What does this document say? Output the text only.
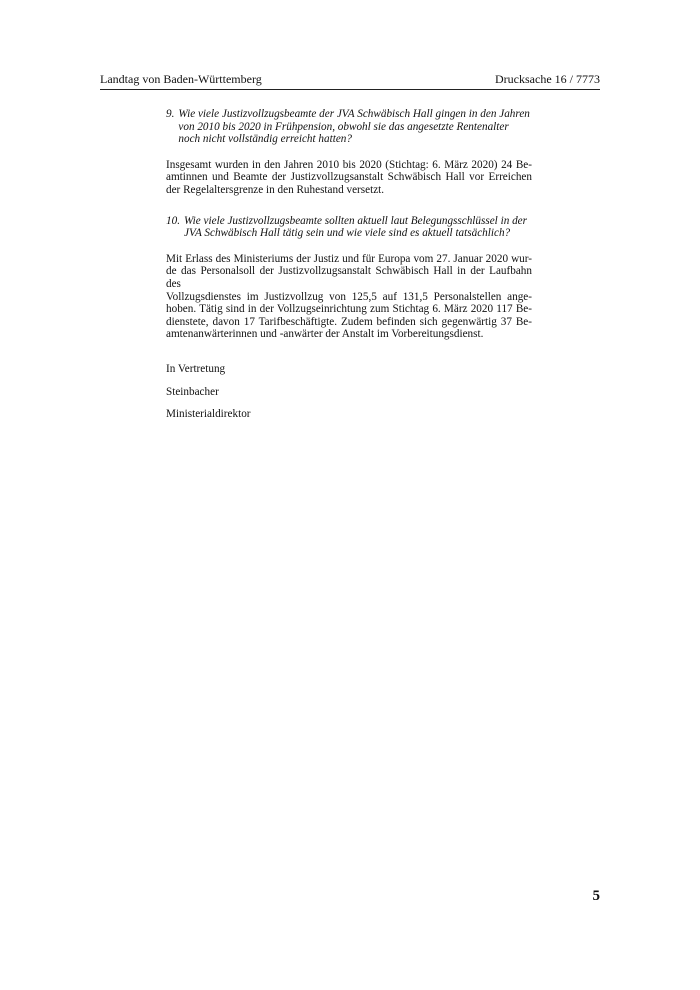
Landtag von Baden-Württemberg	Drucksache 16 / 7773
9. Wie viele Justizvollzugsbeamte der JVA Schwäbisch Hall gingen in den Jahren von 2010 bis 2020 in Frühpension, obwohl sie das angesetzte Rentenalter noch nicht vollständig erreicht hatten?

Insgesamt wurden in den Jahren 2010 bis 2020 (Stichtag: 6. März 2020) 24 Be-
amtinnen und Beamte der Justizvollzugsanstalt Schwäbisch Hall vor Erreichen
der Regelaltersgrenze in den Ruhestand versetzt.

10. Wie viele Justizvollzugsbeamte sollten aktuell laut Belegungsschlüssel in der JVA Schwäbisch Hall tätig sein und wie viele sind es aktuell tatsächlich?

Mit Erlass des Ministeriums der Justiz und für Europa vom 27. Januar 2020 wur-
de das Personalsoll der Justizvollzugsanstalt Schwäbisch Hall in der Laufbahn des
Vollzugsdienstes im Justizvollzug von 125,5 auf 131,5 Personalstellen ange-
hoben. Tätig sind in der Vollzugseinrichtung zum Stichtag 6. März 2020 117 Be-
dienstete, davon 17 Tarifbeschäftigte. Zudem befinden sich gegenwärtig 37 Be-
amtenanwärterinnen und -anwärter der Anstalt im Vorbereitungsdienst.

In Vertretung

Steinbacher

Ministerialdirektor

5
